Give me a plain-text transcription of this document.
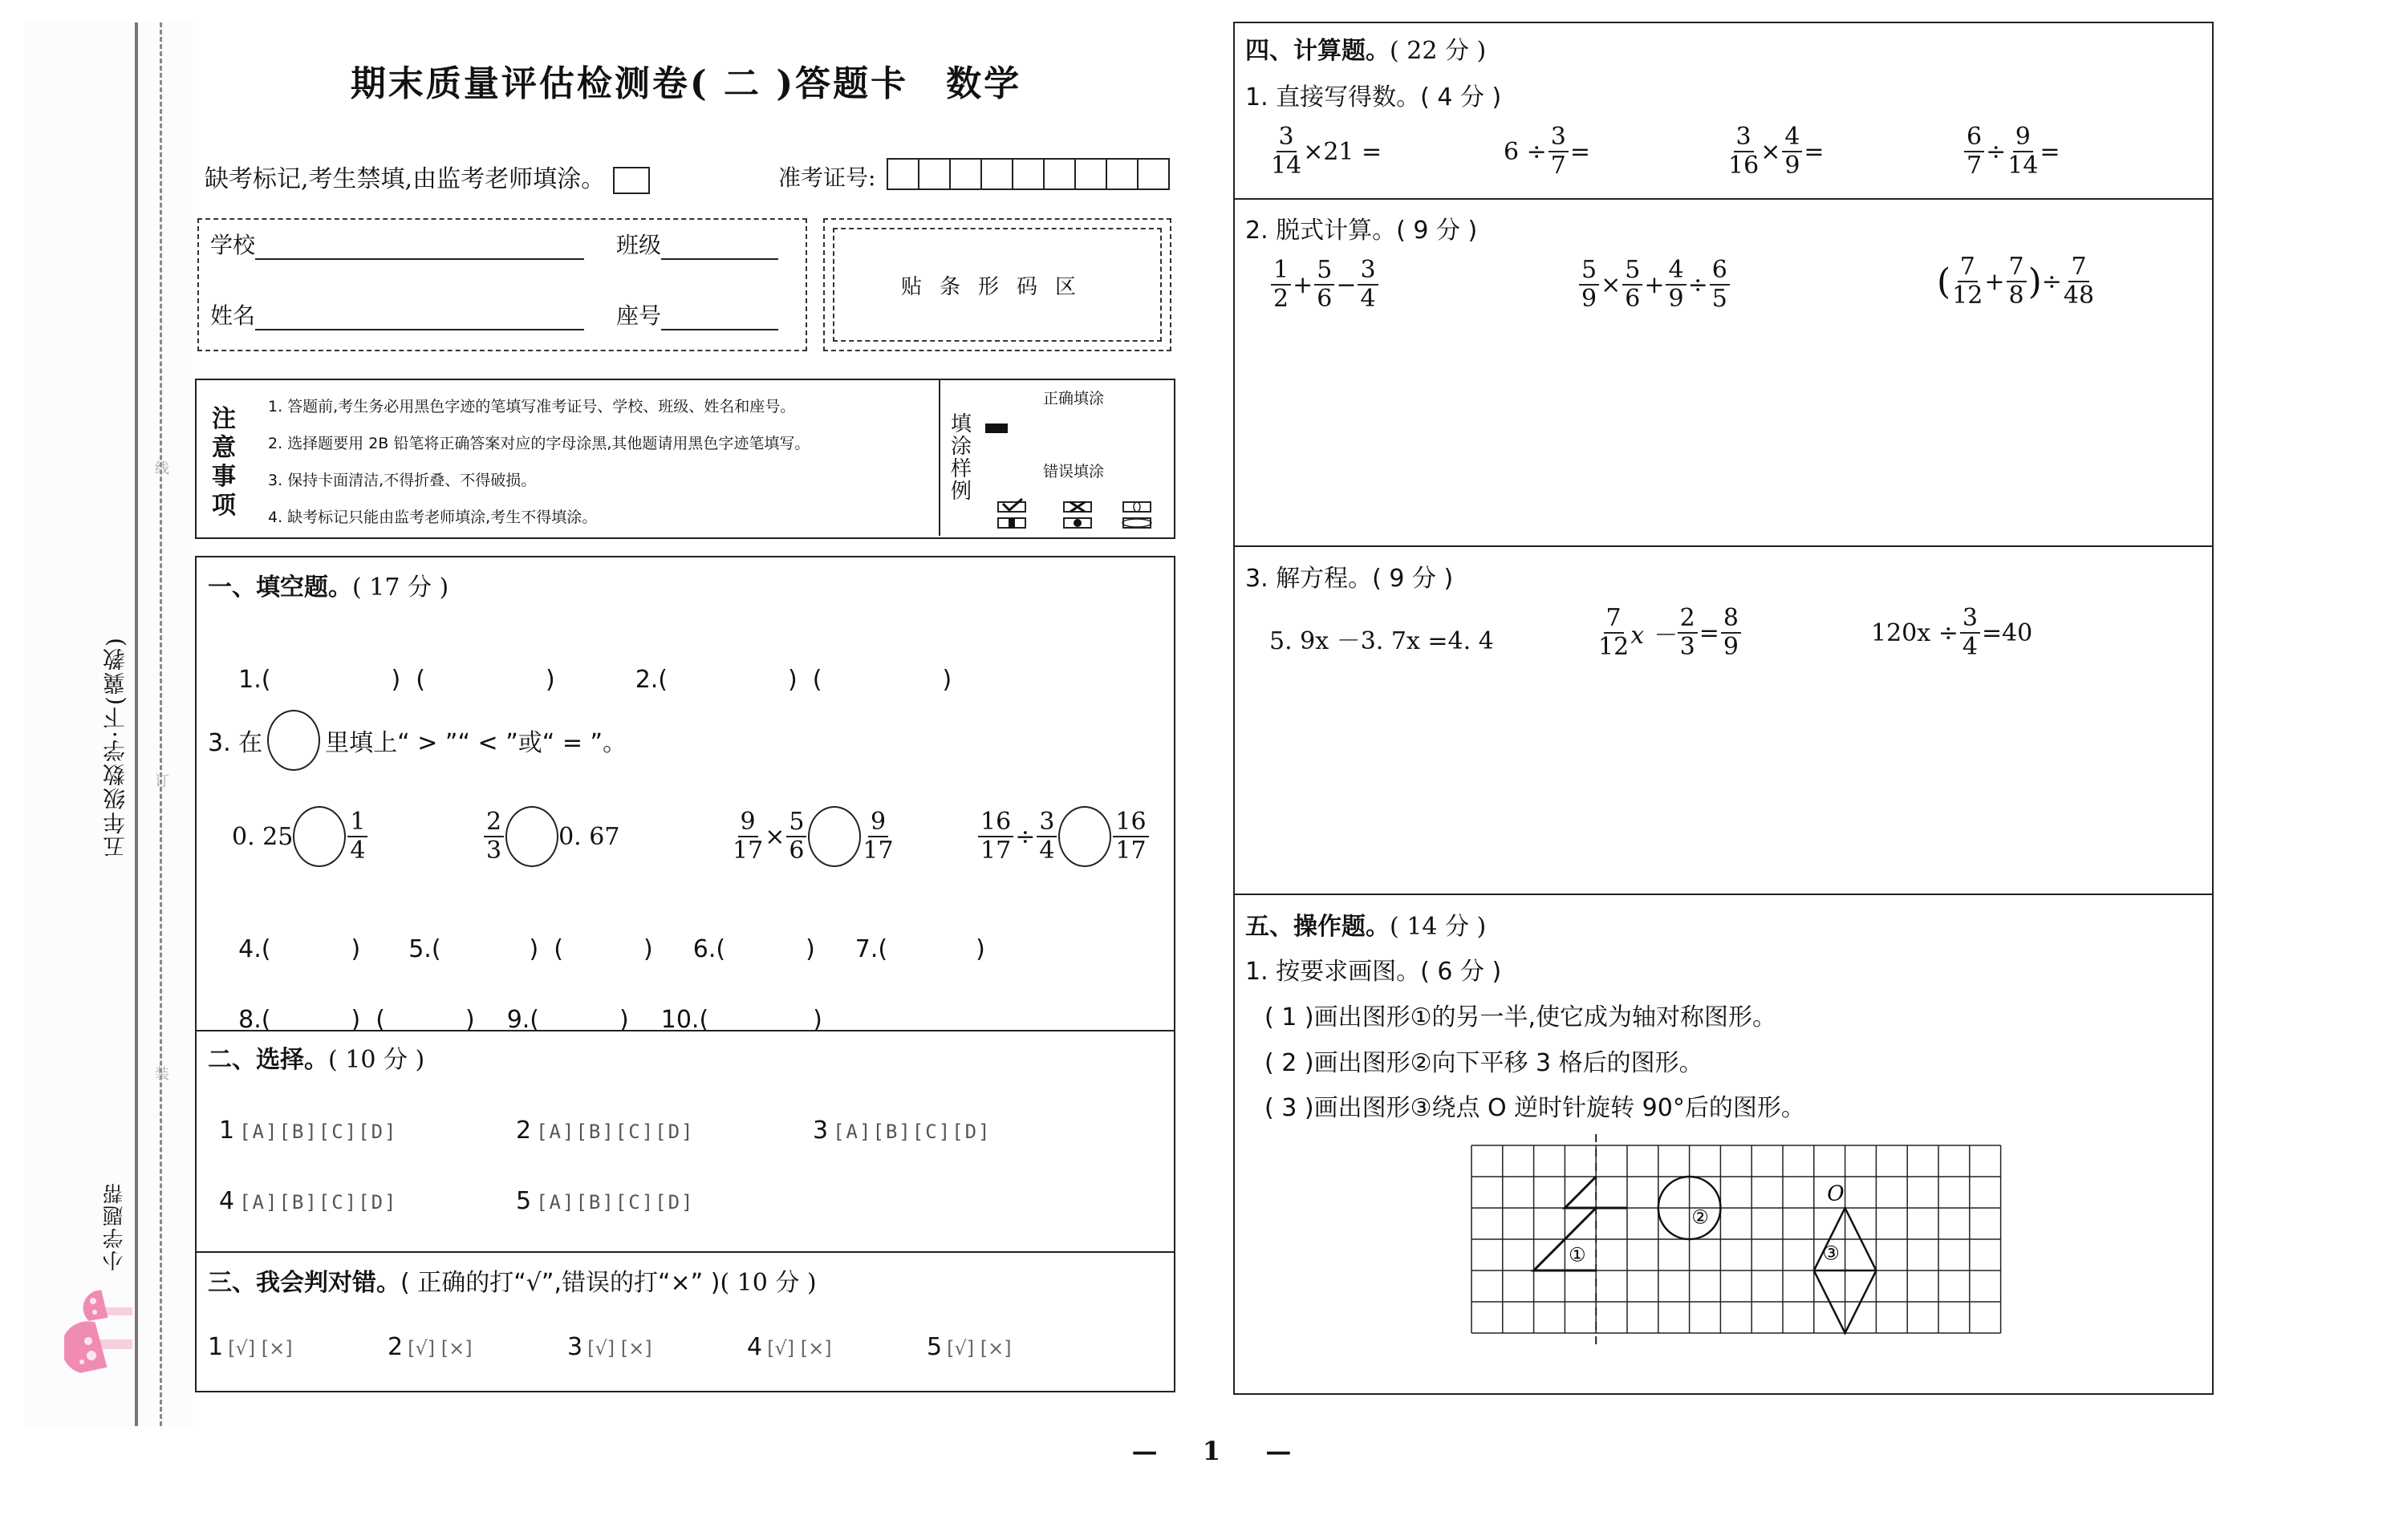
线
订
装
五年级数学·下(冀教)
小学题帮
期末质量评估检测卷( 二 )答题卡　数学
缺考标记,考生禁填,由监考老师填涂。	准考证号:
学校	班级
姓名	座号
贴条形码区
注意事项
1. 答题前,考生务必用黑色字迹的笔填写准考证号、学校、班级、姓名和座号。
2. 选择题要用 2B 铅笔将正确答案对应的字母涂黑,其他题请用黑色字迹笔填写。
3. 保持卡面清洁,不得折叠、不得破损。
4. 缺考标记只能由监考老师填涂,考生不得填涂。
填涂样例
正确填涂
错误填涂
一、填空题。( 17 分 )

1.(	)  (	)	2.(	)  (	)

3. 在	里填上“ > ”“ < ”或“ = ”。
0. $25 \frac{1}{4}$	$\frac{2}{3} 0$. 67	$\frac{9}{17} \times \frac{5}{6} \frac{9}{17}$	$\frac{16}{17} \div \frac{3}{4} \frac{16}{17}$

4.(	) 5.(	)  (	) 6.(	) 7.(	)

8.(	)  (	) 9.(	) 10.(	)

二、选择。( 10 分 )
1 [A][B][C][D]	2 [A][B][C][D]	3 [A][B][C][D]
4 [A][B][C][D]	5 [A][B][C][D]
三、我会判对错。( 正确的打“√”,错误的打“×” )( 10 分 )
1 [√] [×]	2 [√] [×]	3 [√] [×]	4 [√] [×]	5 [√] [×]
四、计算题。( 22 分 )
1. 直接写得数。( 4 分 )
$\frac{3}{14} \times 21$ =	$6 \div \frac{3}{7}$ =	$\frac{3}{16} \times \frac{4}{9}$ =	$\frac{6}{7} \div \frac{9}{14}$ =
2. 脱式计算。( 9 分 )
$\frac{1}{2} + \frac{5}{6} - \frac{3}{4}$	$\frac{5}{9} \times \frac{5}{6} + \frac{4}{9} \div \frac{6}{5}$	( $\frac{7}{12} + \frac{7}{8}$ ) ÷ $\frac{7}{48}$
3. 解方程。( 9 分 )
5. 9x －3. 7x =4. 4	$\frac{7}{12}$ $x - \frac{2}{3} = \frac{8}{9}$	$120x \div \frac{3}{4} =40$
五、操作题。( 14 分 )
1. 按要求画图。( 6 分 )
( 1 )画出图形①的另一半,使它成为轴对称图形。
( 2 )画出图形②向下平移 3 格后的图形。
( 3 )画出图形③绕点 O 逆时针旋转 90°后的图形。
①
②
③
O
— 1 —
